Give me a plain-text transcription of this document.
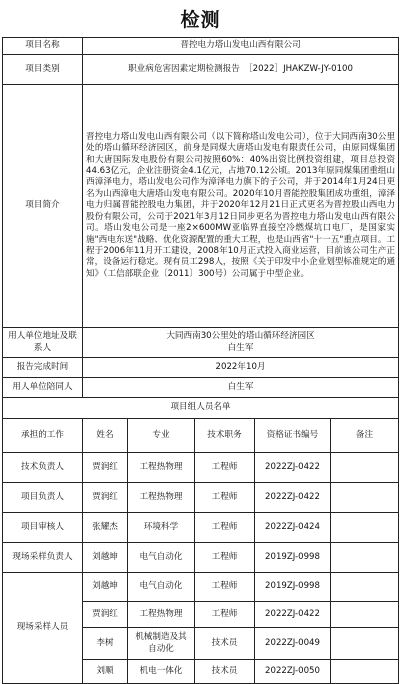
检测
项目名称	晋控电力塔山发电山西有限公司				
项目类别	职业病危害因素定期检测报告　［2022］JHAKZW-JY-0100				
项目简介	晋控电力塔山发电山西有限公司（以下简称塔山发电公司），位于大同西南30公里处的塔山循环经济园区，前身是同煤大唐塔山发电有限责任公司，由原同煤集团和大唐国际发电股份有限公司按照60%：40%出资比例投资组建，项目总投资44.63亿元，企业注册资金4.1亿元，占地70.12公顷。2013年原同煤集团重组山西漳泽电力，塔山发电公司作为漳泽电力旗下的子公司，并于2014年1月24日更名为山西漳电大唐塔山发电有限公司。2020年10月晋能控股集团成功重组，漳泽电力归属晋能控股电力集团，并于2020年12月21日正式更名为晋控股山西电力股份有限公司，公司于2021年3月12日同步更名为晋控电力塔山发电山西有限公司。塔山发电公司是一座2×600MW亚临界直接空冷燃煤坑口电厂，是国家实施"西电东送"战略、优化资源配置的重大工程，也是山西省"十一五"重点项目。工程于2006年11月开工建设，2008年10月正式投入商业运营，目前该公司生产正常，设备运行稳定。现有员工298人，按照《关于印发中小企业划型标准规定的通知》（工信部联企业〔2011〕300号）公司属于中型企业。				
用人单位地址及联系人	大同西南30公里处的塔山循环经济园区
白生军				

报告完成时间	2022年10月				
用人单位陪同人	白生军				
项目组人员名单					
承担的工作	姓名	专业	技术职务	资格证书编号	备注
技术负责人	贾润红	工程热物理	工程师	2022ZJ-0422	
项目负责人	贾润红	工程热物理	工程师	2022ZJ-0422	
项目审核人	张耀杰	环境科学	工程师	2022ZJ-0424	
现场采样负责人	刘越坤	电气自动化	工程师	2019ZJ-0998	
现场采样人员	刘越坤	电气自动化	工程师	2019ZJ-0998	
	贾润红	工程热物理	工程师	2022ZJ-0422	
	李树	机械制造及其自动化	技术员	2022ZJ-0049	
	刘顺	机电一体化	技术员	2022ZJ-0050	
